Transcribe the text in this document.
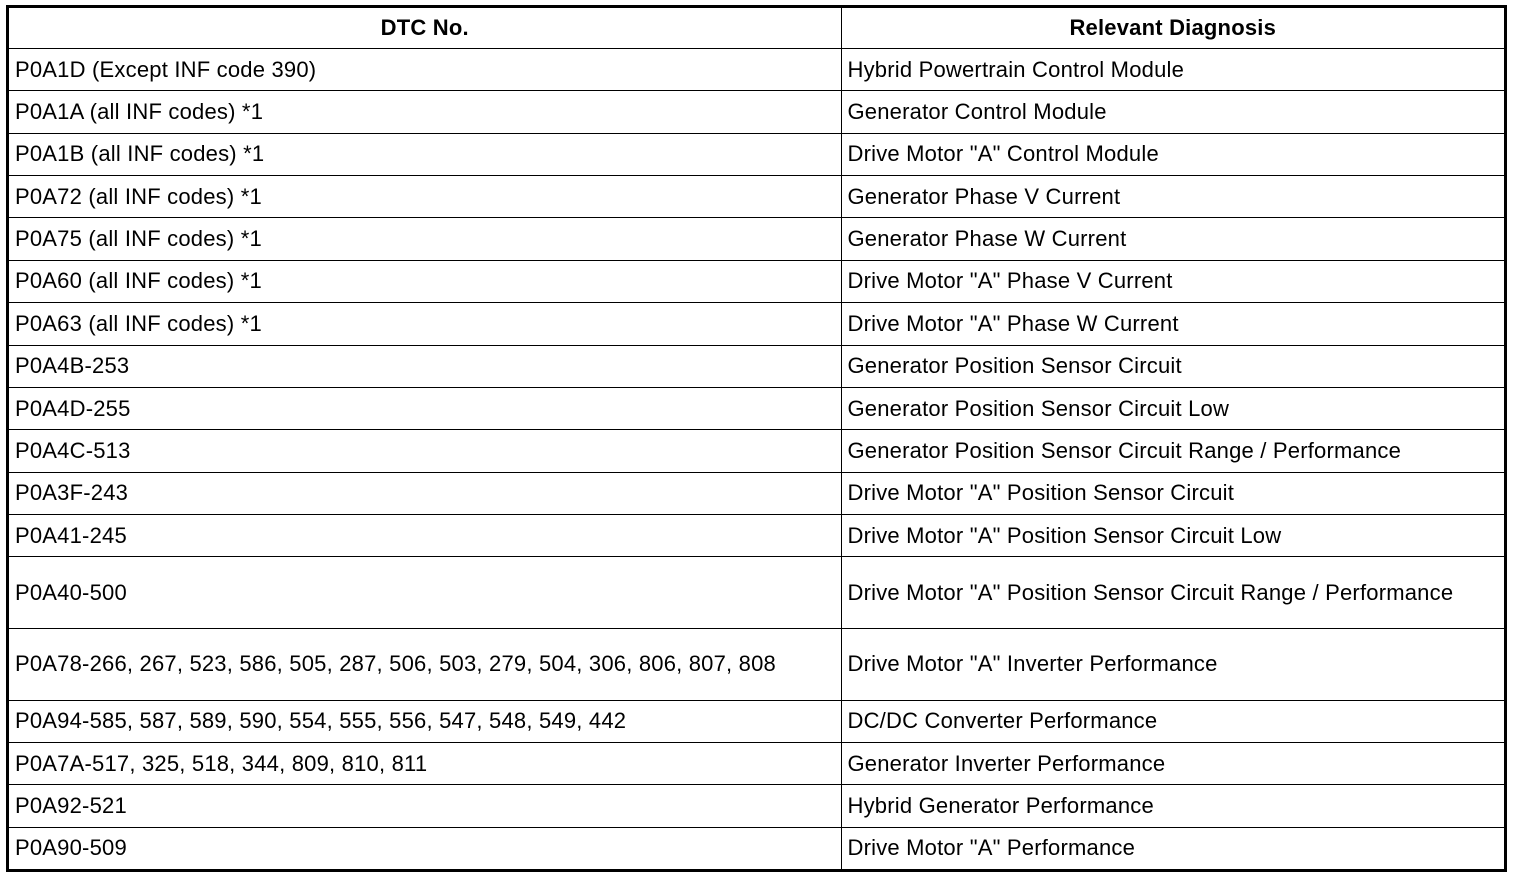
DTC No.	Relevant Diagnosis
P0A1D (Except INF code 390)	Hybrid Powertrain Control Module
P0A1A (all INF codes) *1	Generator Control Module
P0A1B (all INF codes) *1	Drive Motor "A" Control Module
P0A72 (all INF codes) *1	Generator Phase V Current
P0A75 (all INF codes) *1	Generator Phase W Current
P0A60 (all INF codes) *1	Drive Motor "A" Phase V Current
P0A63 (all INF codes) *1	Drive Motor "A" Phase W Current
P0A4B-253	Generator Position Sensor Circuit
P0A4D-255	Generator Position Sensor Circuit Low
P0A4C-513	Generator Position Sensor Circuit Range / Performance
P0A3F-243	Drive Motor "A" Position Sensor Circuit
P0A41-245	Drive Motor "A" Position Sensor Circuit Low
P0A40-500	Drive Motor "A" Position Sensor Circuit Range / Performance
P0A78-266, 267, 523, 586, 505, 287, 506, 503, 279, 504, 306, 806, 807, 808	Drive Motor "A" Inverter Performance
P0A94-585, 587, 589, 590, 554, 555, 556, 547, 548, 549, 442	DC/DC Converter Performance
P0A7A-517, 325, 518, 344, 809, 810, 811	Generator Inverter Performance
P0A92-521	Hybrid Generator Performance
P0A90-509	Drive Motor "A" Performance
